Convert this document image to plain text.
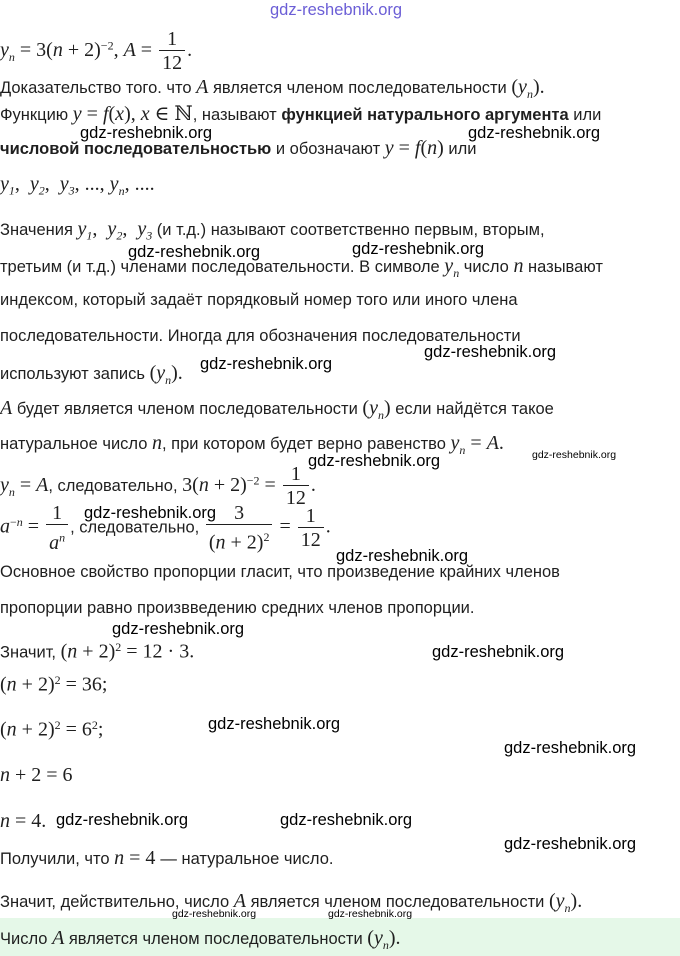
gdz-reshebnik.org
$y_n = 3(n + 2)^{-2}$, $A = \frac{1}{12}$ .
Доказательство того. что A является членом последовательности $(y_n)$.
Функцию y = f(x), x ∈ ℕ, называют функцией натурального аргумента или
числовой последовательностью и обозначают y = f(n) или
$y_1$,  $y_2$,  $y_3$, ..., $y_n$, ....
Значения $y_1$,  $y_2$,  $y_3$ (и т.д.) называют соответственно первым, вторым,
третьим (и т.д.) членами последовательности. В символе $y_n$ число n называют
индексом, который задаёт порядковый номер того или иного члена
последовательности. Иногда для обозначения последовательности
используют запись $(y_n)$.
A будет является членом последовательности $(y_n)$ если найдётся такое
натуральное число n, при котором будет верно равенство $y_n = A$.
$y_n = A$, следовательно, $3(n + 2)^{-2} = \frac{1}{12}$ .
$a^{-n} = \frac{1}{a^n}$ , следовательно, $\frac{3}{(n + 2)^2} = \frac{1}{12}$ .
Основное свойство пропорции гласит, что произведение крайних членов
пропорции равно произвведению средних членов пропорции.
Значит, $(n + 2)^2 = 12 \cdot 3$.
$(n + 2)^2 = 36$;
$(n + 2)^2 = 6^2$;
n + 2 = 6
n = 4.
Получили, что n = 4 — натуральное число.
Значит, действительно, число A является членом последовательности $(y_n)$.
Число A является членом последовательности $(y_n)$.
gdz-reshebnik.org	gdz-reshebnik.org
gdz-reshebnik.org	gdz-reshebnik.org
gdz-reshebnik.org
gdz-reshebnik.org
gdz-reshebnik.org	gdz-reshebnik.org
gdz-reshebnik.org
gdz-reshebnik.org
gdz-reshebnik.org
gdz-reshebnik.org
gdz-reshebnik.org
gdz-reshebnik.org
gdz-reshebnik.org	gdz-reshebnik.org
gdz-reshebnik.org
gdz-reshebnik.org	gdz-reshebnik.org
